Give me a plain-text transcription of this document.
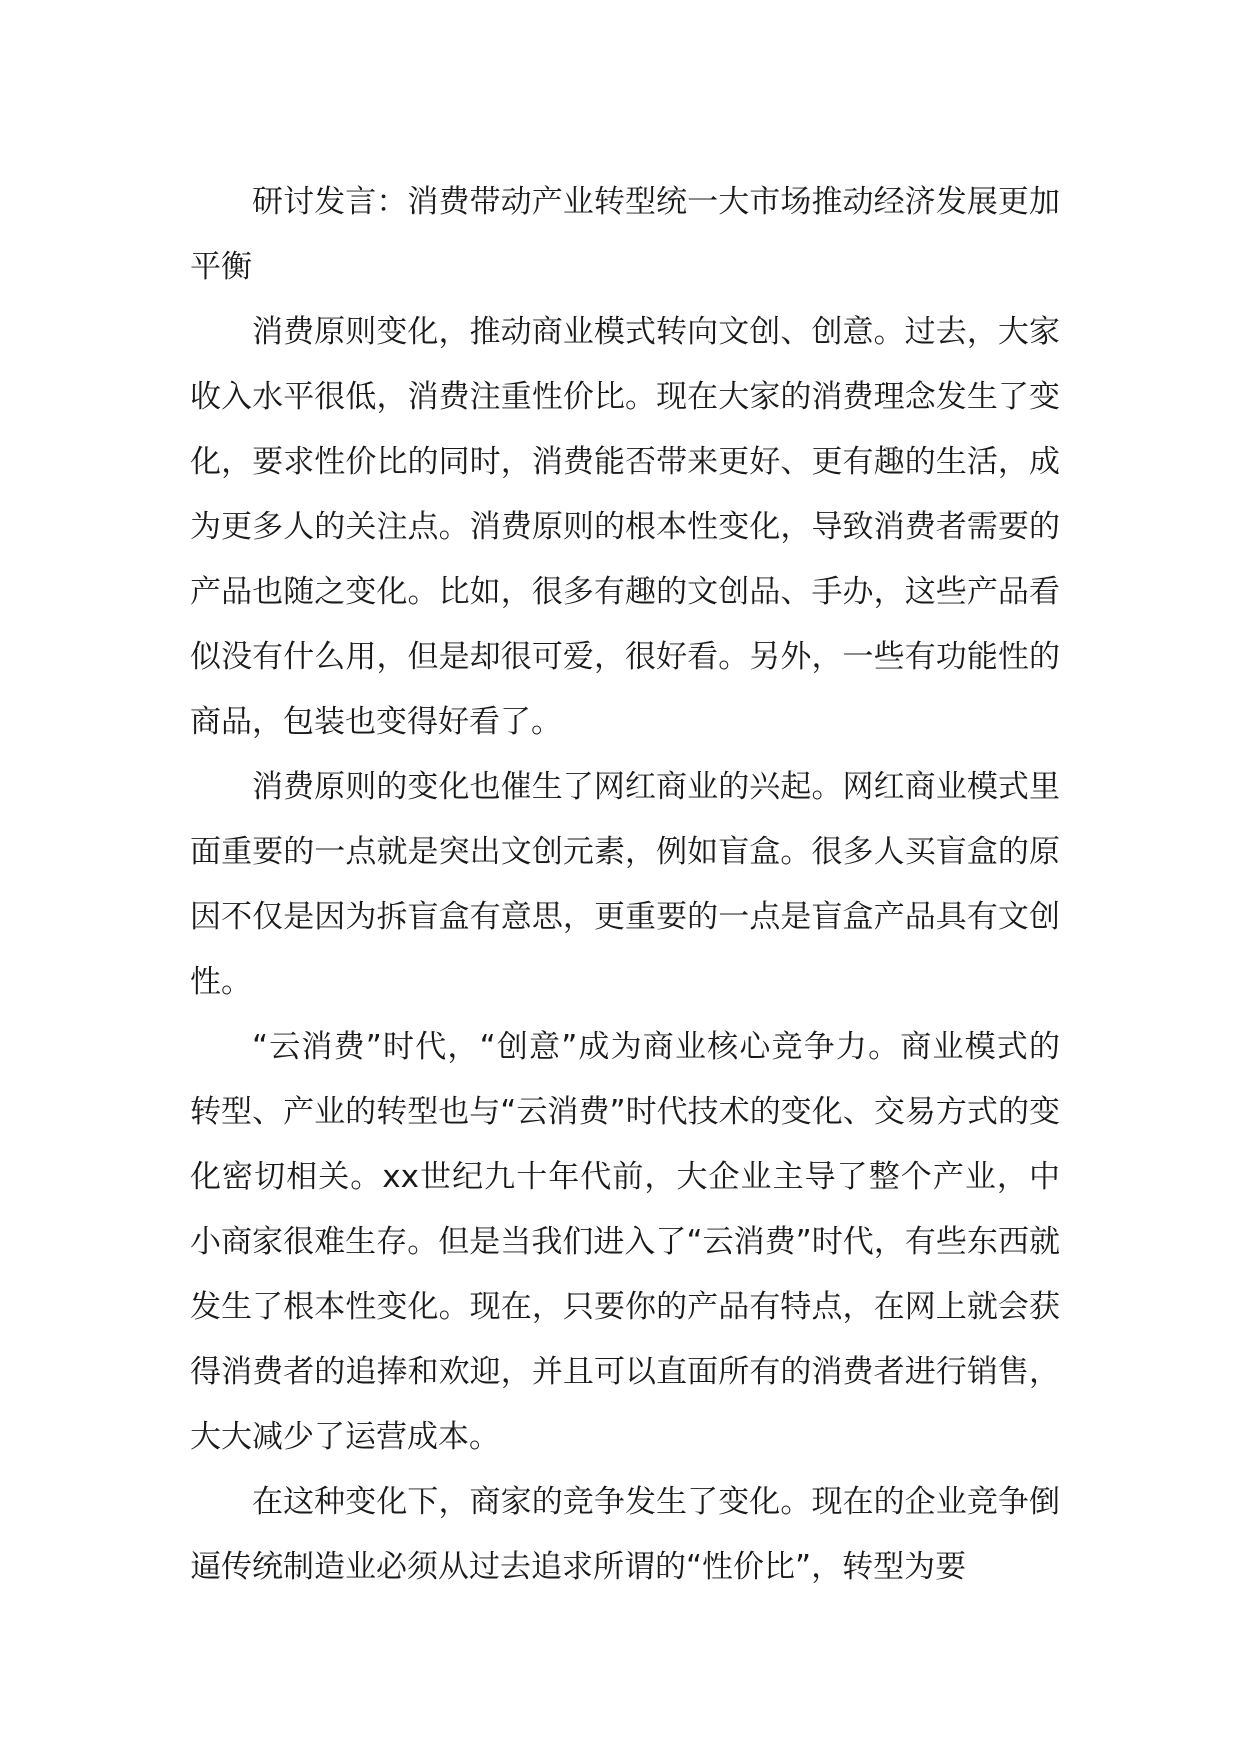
研讨发言：消费带动产业转型统一大市场推动经济发展更加平衡

消费原则变化，推动商业模式转向文创、创意。过去，大家收入水平很低，消费注重性价比。现在大家的消费理念发生了变化，要求性价比的同时，消费能否带来更好、更有趣的生活，成为更多人的关注点。消费原则的根本性变化，导致消费者需要的产品也随之变化。比如，很多有趣的文创品、手办，这些产品看似没有什么用，但是却很可爱，很好看。另外，一些有功能性的商品，包装也变得好看了。

消费原则的变化也催生了网红商业的兴起。网红商业模式里面重要的一点就是突出文创元素，例如盲盒。很多人买盲盒的原因不仅是因为拆盲盒有意思，更重要的一点是盲盒产品具有文创性。

“云消费”时代，“创意”成为商业核心竞争力。商业模式的转型、产业的转型也与“云消费”时代技术的变化、交易方式的变化密切相关。xx世纪九十年代前，大企业主导了整个产业，中小商家很难生存。但是当我们进入了“云消费”时代，有些东西就发生了根本性变化。现在，只要你的产品有特点，在网上就会获得消费者的追捧和欢迎，并且可以直面所有的消费者进行销售，大大减少了运营成本。

在这种变化下，商家的竞争发生了变化。现在的企业竞争倒逼传统制造业必须从过去追求所谓的“性价比”，转型为要
